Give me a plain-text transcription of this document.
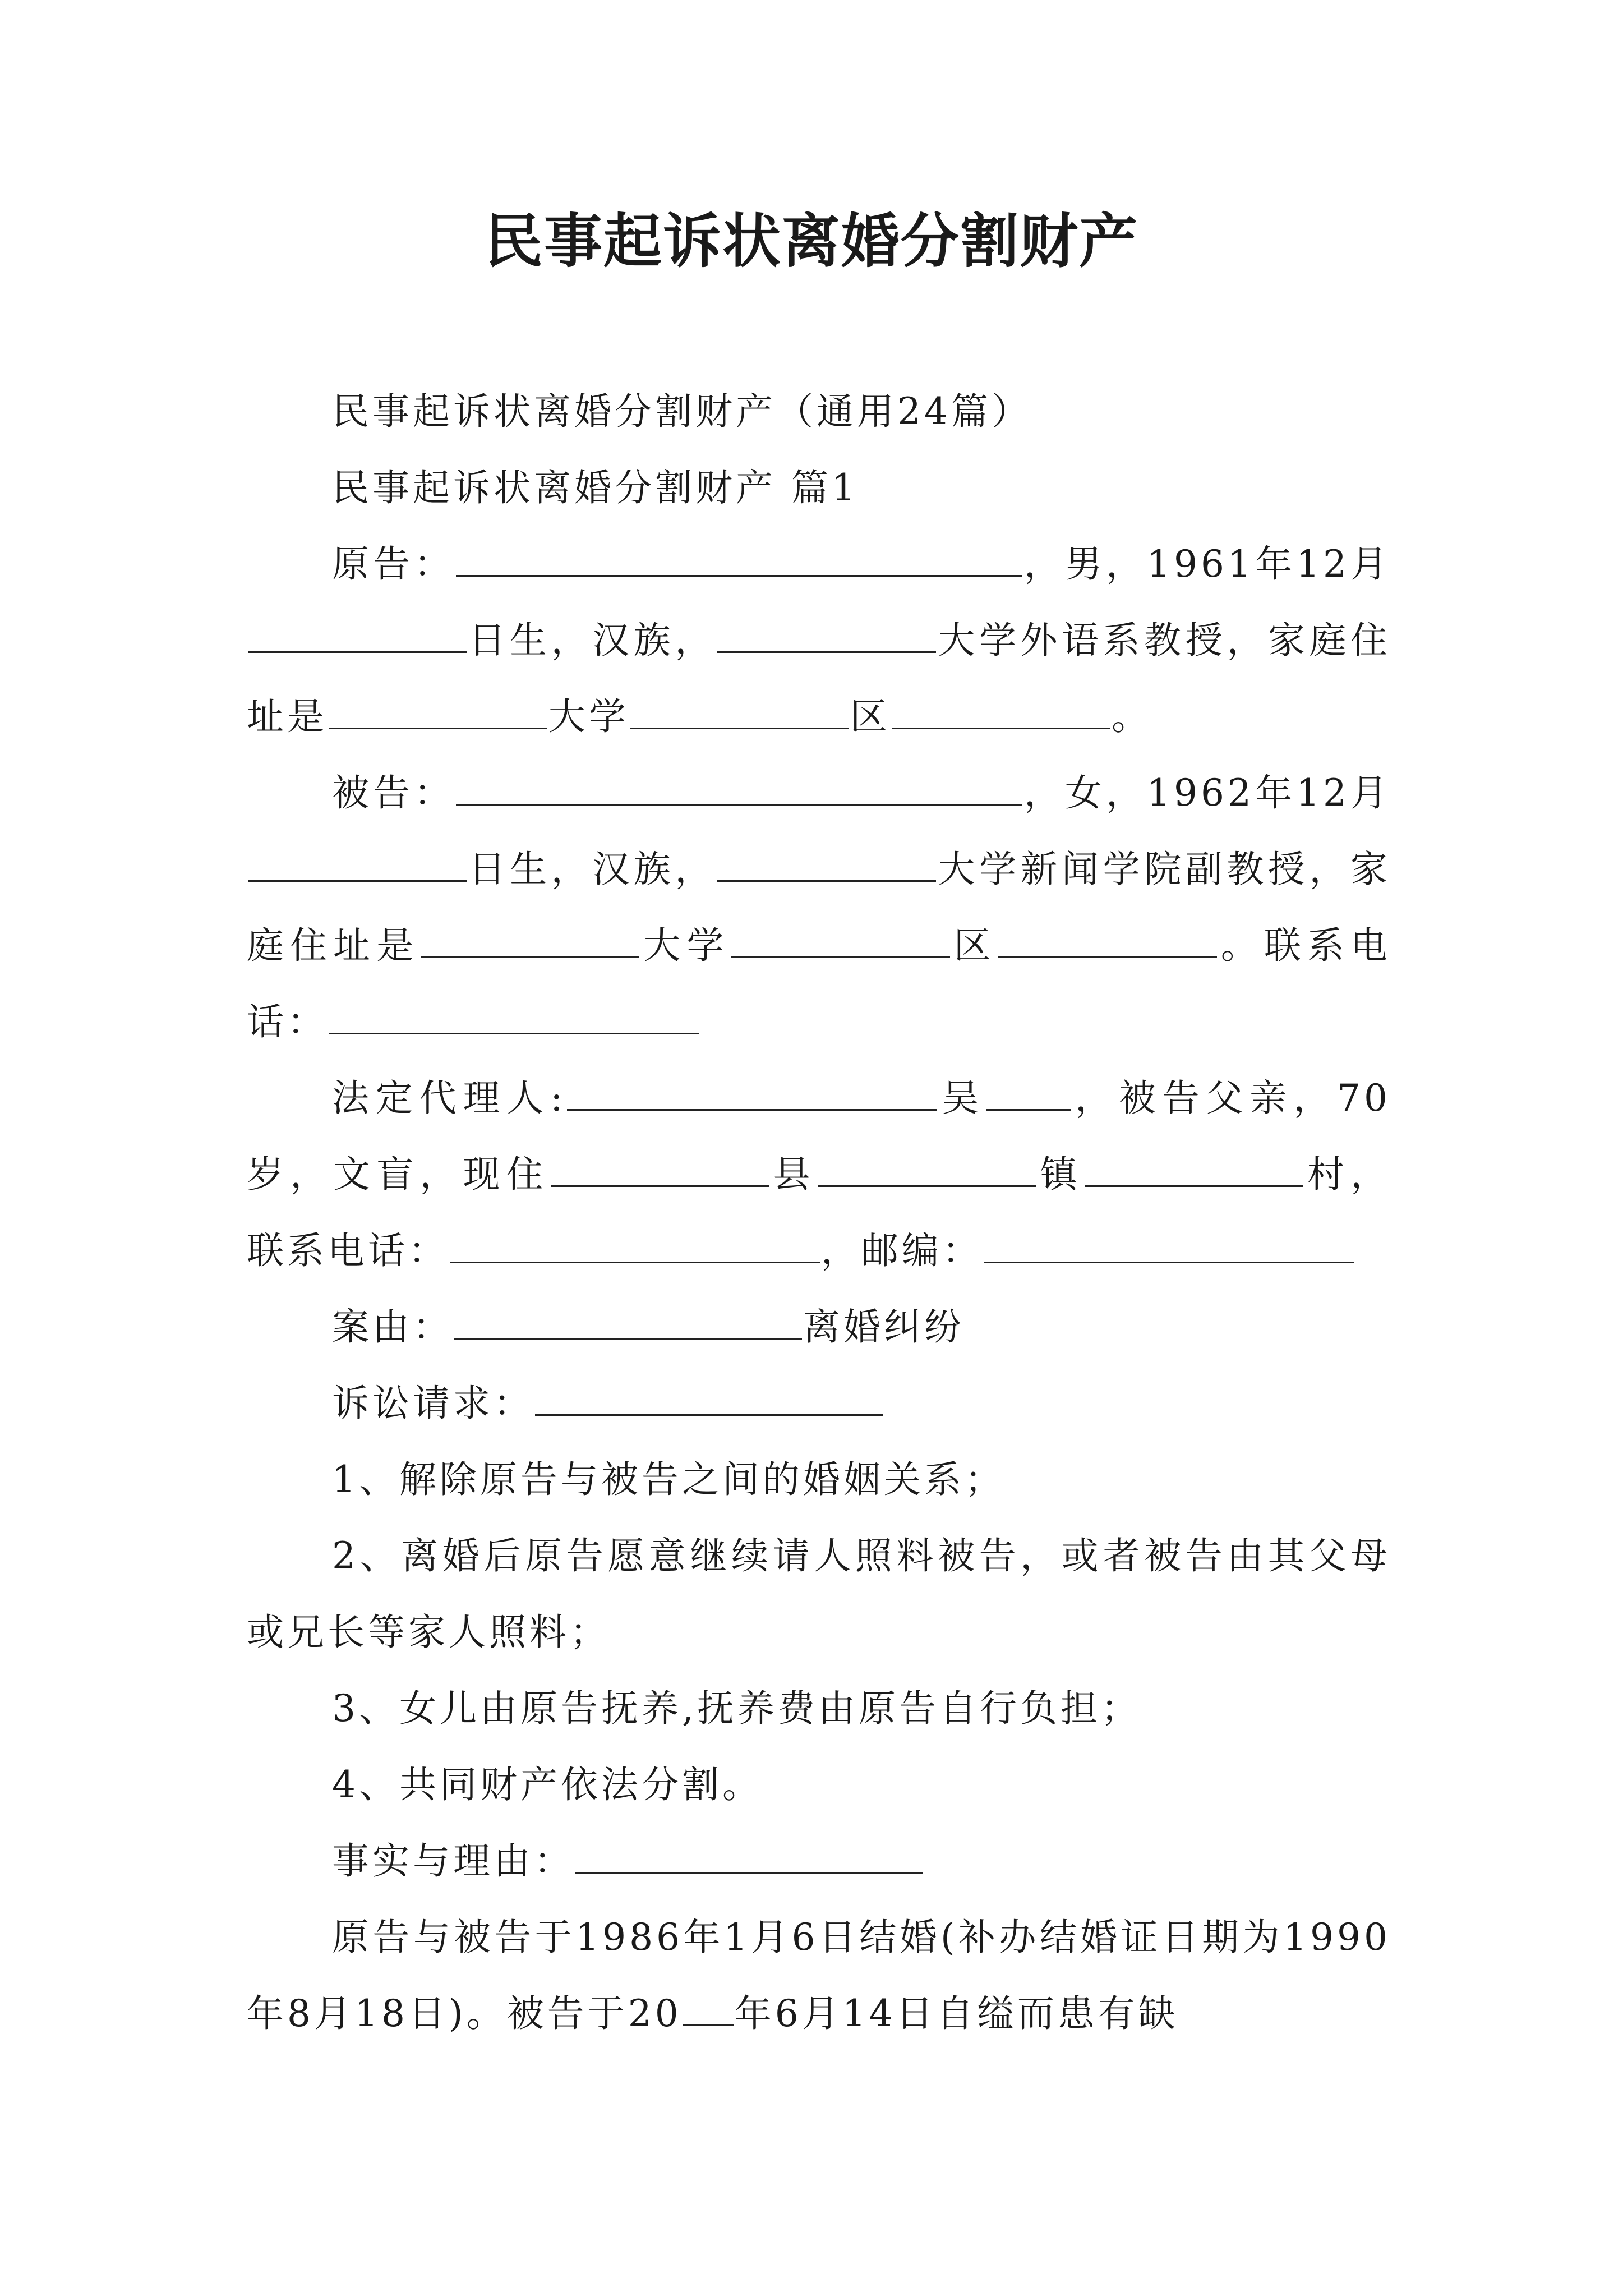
民事起诉状离婚分割财产

民事起诉状离婚分割财产（通用24篇）

民事起诉状离婚分割财产 篇1

原告：	，男，1961年12月日生，汉族，	大学外语系教授，家庭住址是	大学	区	。

被告：	，女，1962年12月日生，汉族，	大学新闻学院副教授，家庭住址是	大学	区	。联系电话：

法定代理人:	吴 ，被告父亲，70岁，文盲，现住	县	镇	村，联系电话：	，邮编：

案由：	离婚纠纷

诉讼请求：

1、解除原告与被告之间的婚姻关系；

2、离婚后原告愿意继续请人照料被告，或者被告由其父母或兄长等家人照料；

3、女儿由原告抚养,抚养费由原告自行负担；

4、共同财产依法分割。

事实与理由：

原告与被告于1986年1月6日结婚(补办结婚证日期为1990年8月18日)。被告于20 年6月14日自缢而患有缺
